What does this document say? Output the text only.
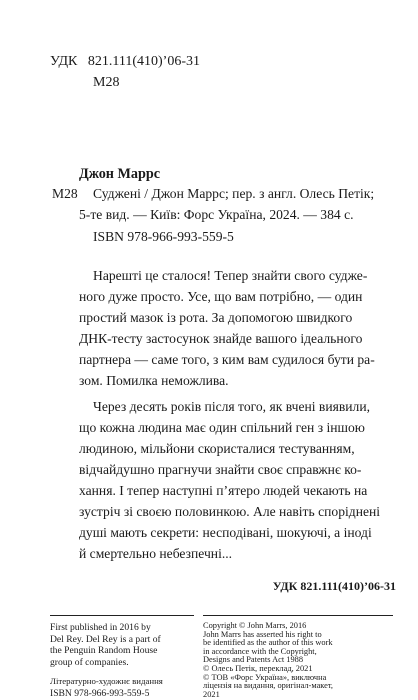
УДК 821.111(410)’06-31
М28
Джон Маррс
М28 Суджені / Джон Маррс; пер. з англ. Олесь Петік;
5-те вид. — Київ: Форс Україна, 2024. — 384 с.
ISBN 978-966-993-559-5
Нарешті це сталося! Тепер знайти свого судже-
ного дуже просто. Усе, що вам потрібно, — один
простий мазок із рота. За допомогою швидкого
ДНК-тесту застосунок знайде вашого ідеального
партнера — саме того, з ким вам судилося бути ра-
зом. Помилка неможлива.
Через десять років після того, як вчені виявили,
що кожна людина має один спільний ген з іншою
людиною, мільйони скористалися тестуванням,
відчайдушно прагнучи знайти своє справжнє ко-
хання. І тепер наступні п’ятеро людей чекають на
зустріч зі своєю половинкою. Але навіть споріднені
душі мають секрети: несподівані, шокуючі, а іноді
й смертельно небезпечні...
УДК 821.111(410)’06-31
First published in 2016 by
Del Rey. Del Rey is a part of
the Penguin Random House
group of companies.
Літературно-художнє видання
Copyright © John Marrs, 2016
John Marrs has asserted his right to
be identified as the author of this work
in accordance with the Copyright,
ISBN 978-966-993-559-5
Designs and Patents Act 1988
© Олесь Петік, переклад, 2021
© ТОВ «Форс Україна», виключна
ліцензія на видання, оригінал-макет,
2021
